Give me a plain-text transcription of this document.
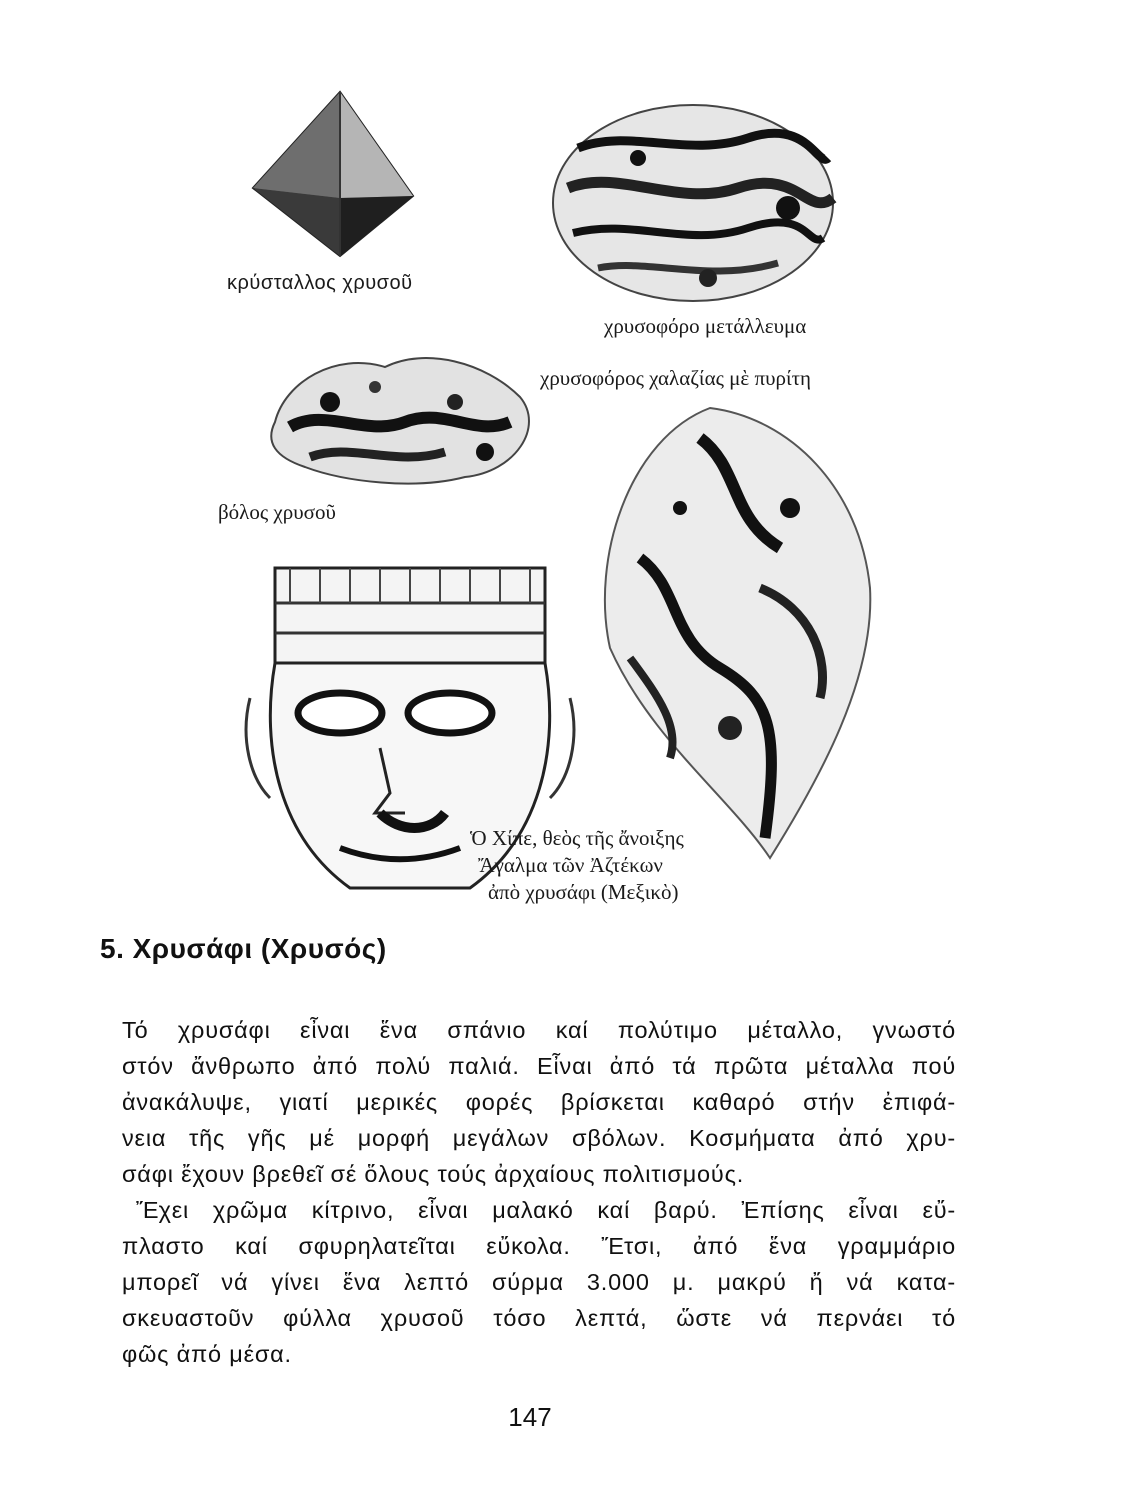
κρύσταλλος χρυσοῦ
χρυσοφόρο μετάλλευμα
χρυσοφόρος χαλαζίας μὲ πυρίτη
βόλος χρυσοῦ
Ὁ Χίπε, θεὸς τῆς ἄνοιξης
Ἄγαλμα τῶν Ἀζτέκων
ἀπὸ χρυσάφι (Μεξικὸ)
5. Χρυσάφι (Χρυσός)
Τό χρυσάφι εἶναι ἕνα σπάνιο καί πολύτιμο μέταλλο, γνωστό
στόν ἄνθρωπο ἀπό πολύ παλιά. Εἶναι ἀπό τά πρῶτα μέταλλα πού
ἀνακάλυψε, γιατί μερικές φορές βρίσκεται καθαρό στήν ἐπιφά-
νεια τῆς γῆς μέ μορφή μεγάλων σβόλων. Κοσμήματα ἀπό χρυ-
σάφι ἔχουν βρεθεῖ σέ ὅλους τούς ἀρχαίους πολιτισμούς.
Ἔχει χρῶμα κίτρινο, εἶναι μαλακό καί βαρύ. Ἐπίσης εἶναι εὔ-
πλαστο καί σφυρηλατεῖται εὔκολα. Ἔτσι, ἀπό ἕνα γραμμάριο
μπορεῖ νά γίνει ἕνα λεπτό σύρμα 3.000 μ. μακρύ ἤ νά κατα-
σκευαστοῦν φύλλα χρυσοῦ τόσο λεπτά, ὥστε νά περνάει τό
φῶς ἀπό μέσα.
147
